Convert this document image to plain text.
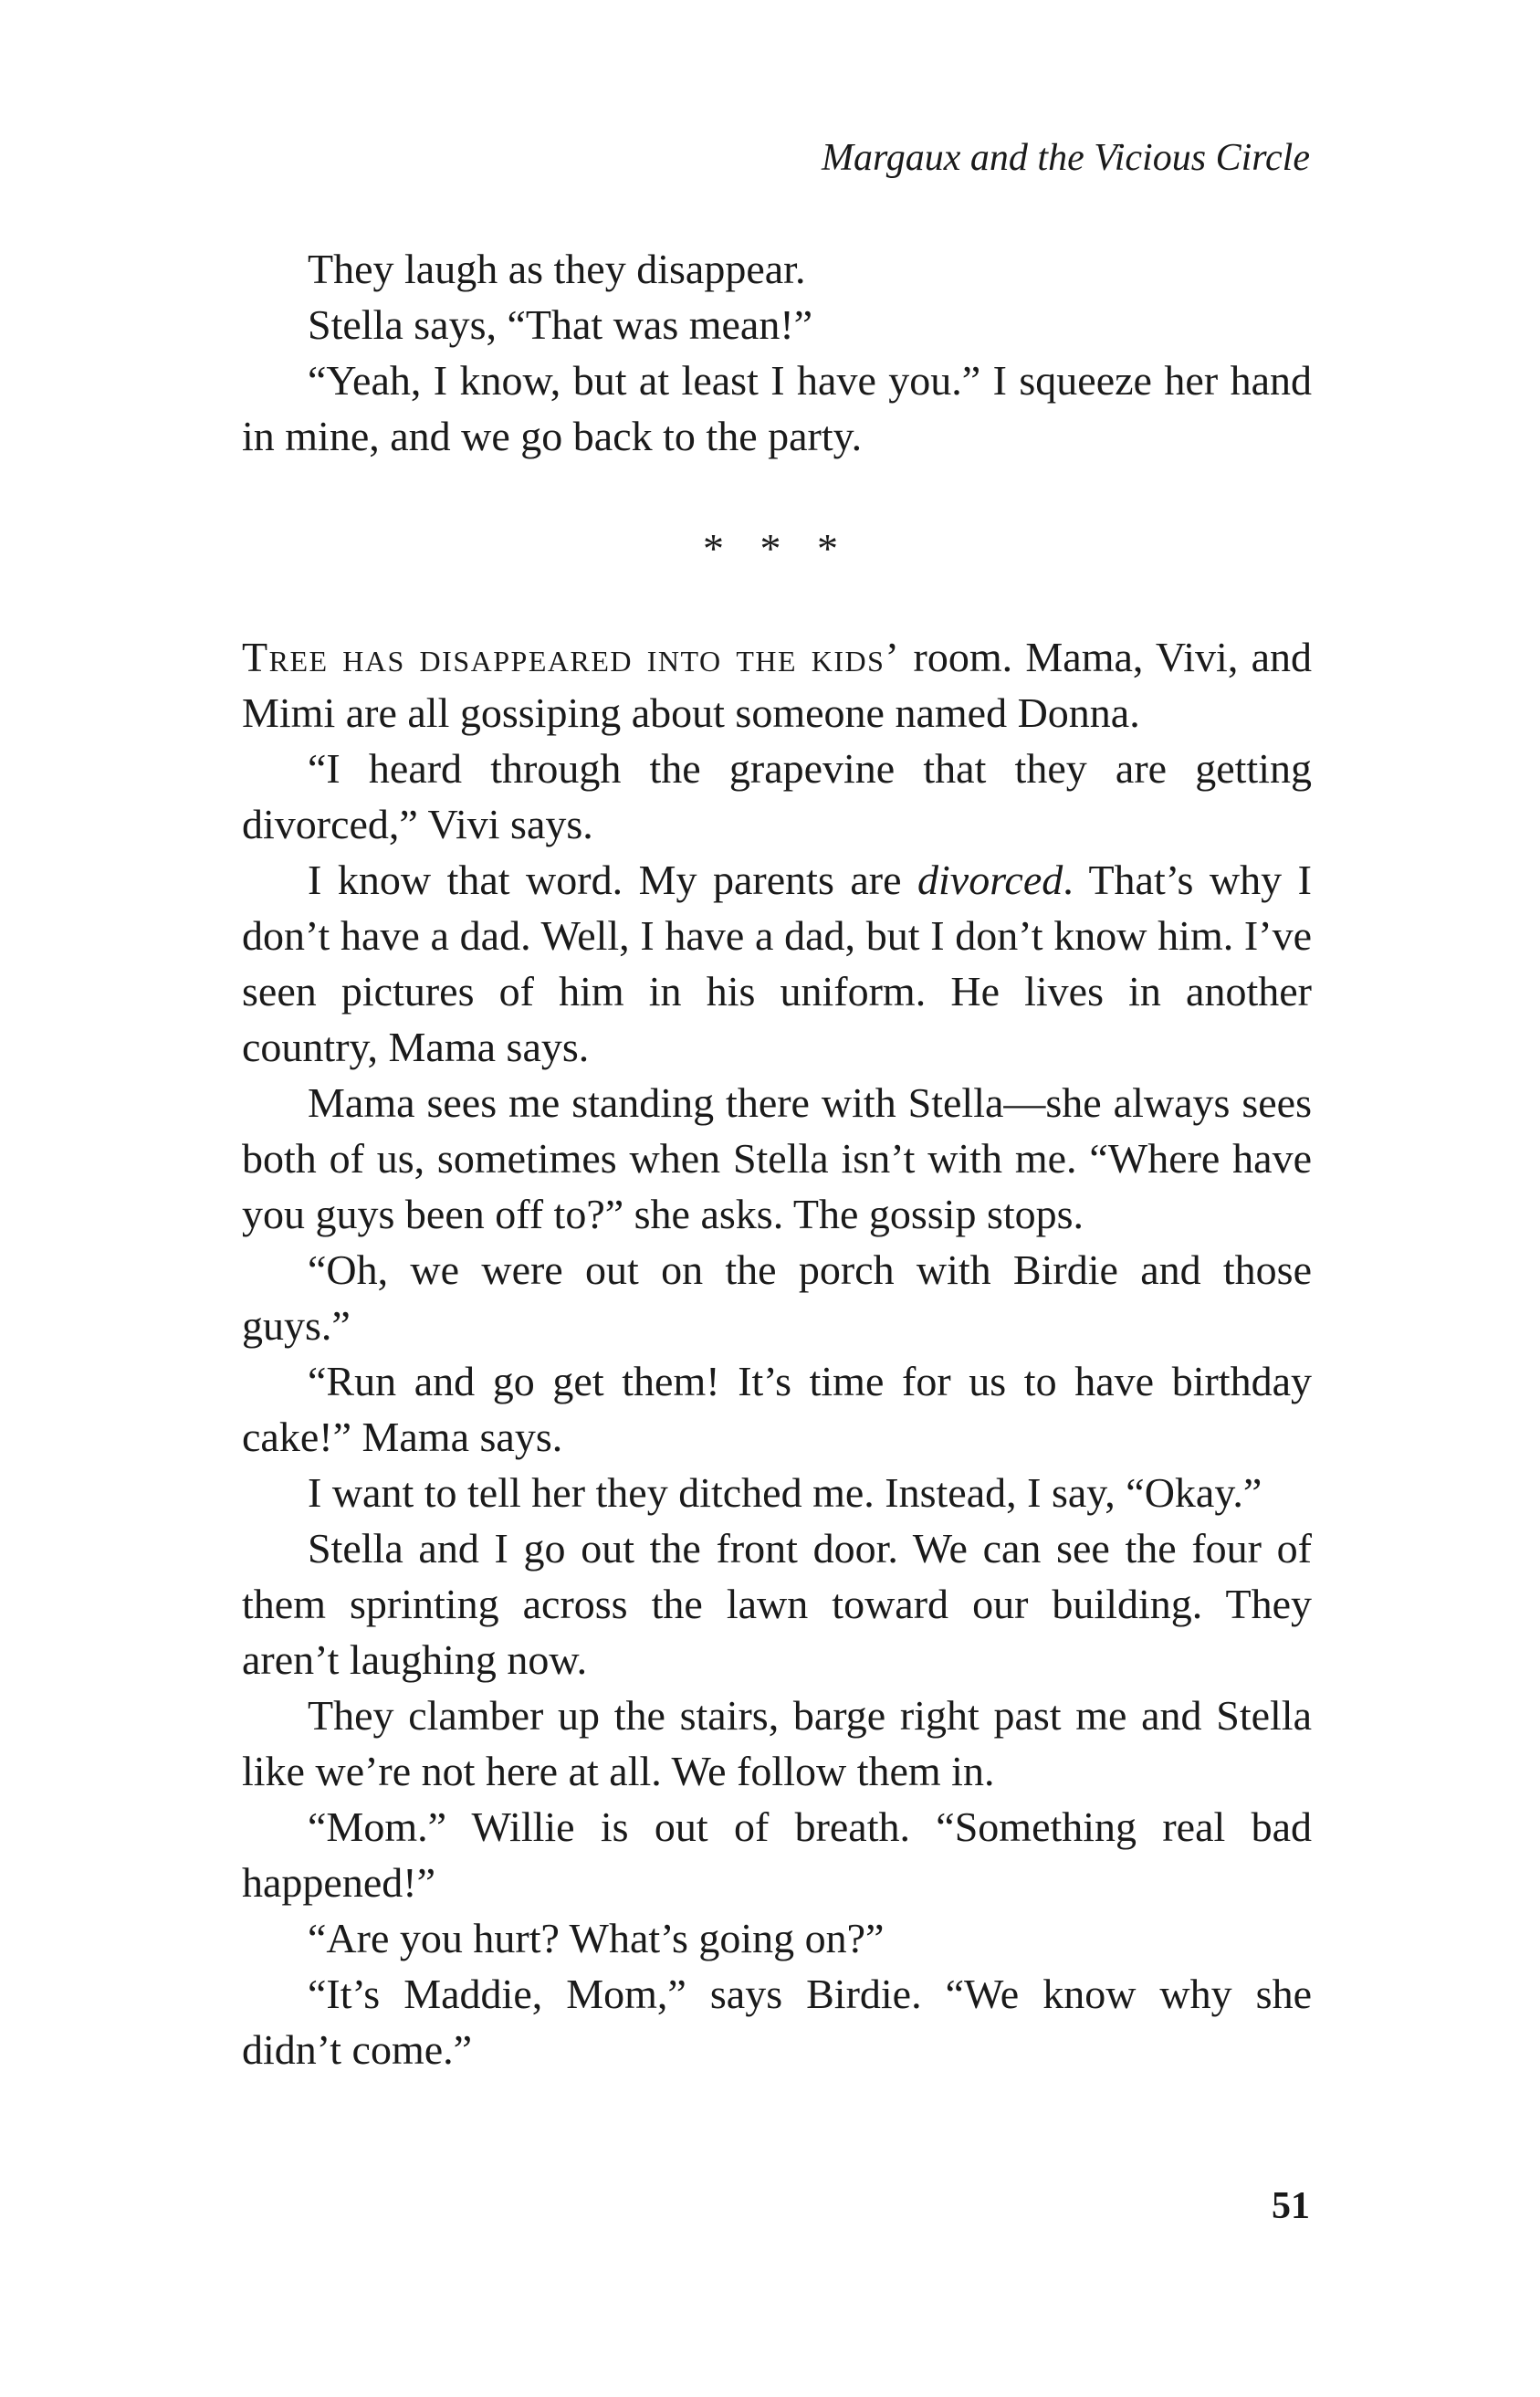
Margaux and the Vicious Circle

They laugh as they disappear.

Stella says, “That was mean!”

“Yeah, I know, but at least I have you.” I squeeze her hand in mine, and we go back to the party.

* * *

Tree has disappeared into the kids’ room. Mama, Vivi, and Mimi are all gossiping about someone named Donna.

“I heard through the grapevine that they are getting divorced,” Vivi says.

I know that word. My parents are divorced. That’s why I don’t have a dad. Well, I have a dad, but I don’t know him. I’ve seen pictures of him in his uniform. He lives in another country, Mama says.

Mama sees me standing there with Stella—she always sees both of us, sometimes when Stella isn’t with me. “Where have you guys been off to?” she asks. The gossip stops.

“Oh, we were out on the porch with Birdie and those guys.”

“Run and go get them! It’s time for us to have birthday cake!” Mama says.

I want to tell her they ditched me. Instead, I say, “Okay.”

Stella and I go out the front door. We can see the four of them sprinting across the lawn toward our building. They aren’t laughing now.

They clamber up the stairs, barge right past me and Stella like we’re not here at all. We follow them in.

“Mom.” Willie is out of breath. “Something real bad happened!”

“Are you hurt? What’s going on?”

“It’s Maddie, Mom,” says Birdie. “We know why she didn’t come.”

51
